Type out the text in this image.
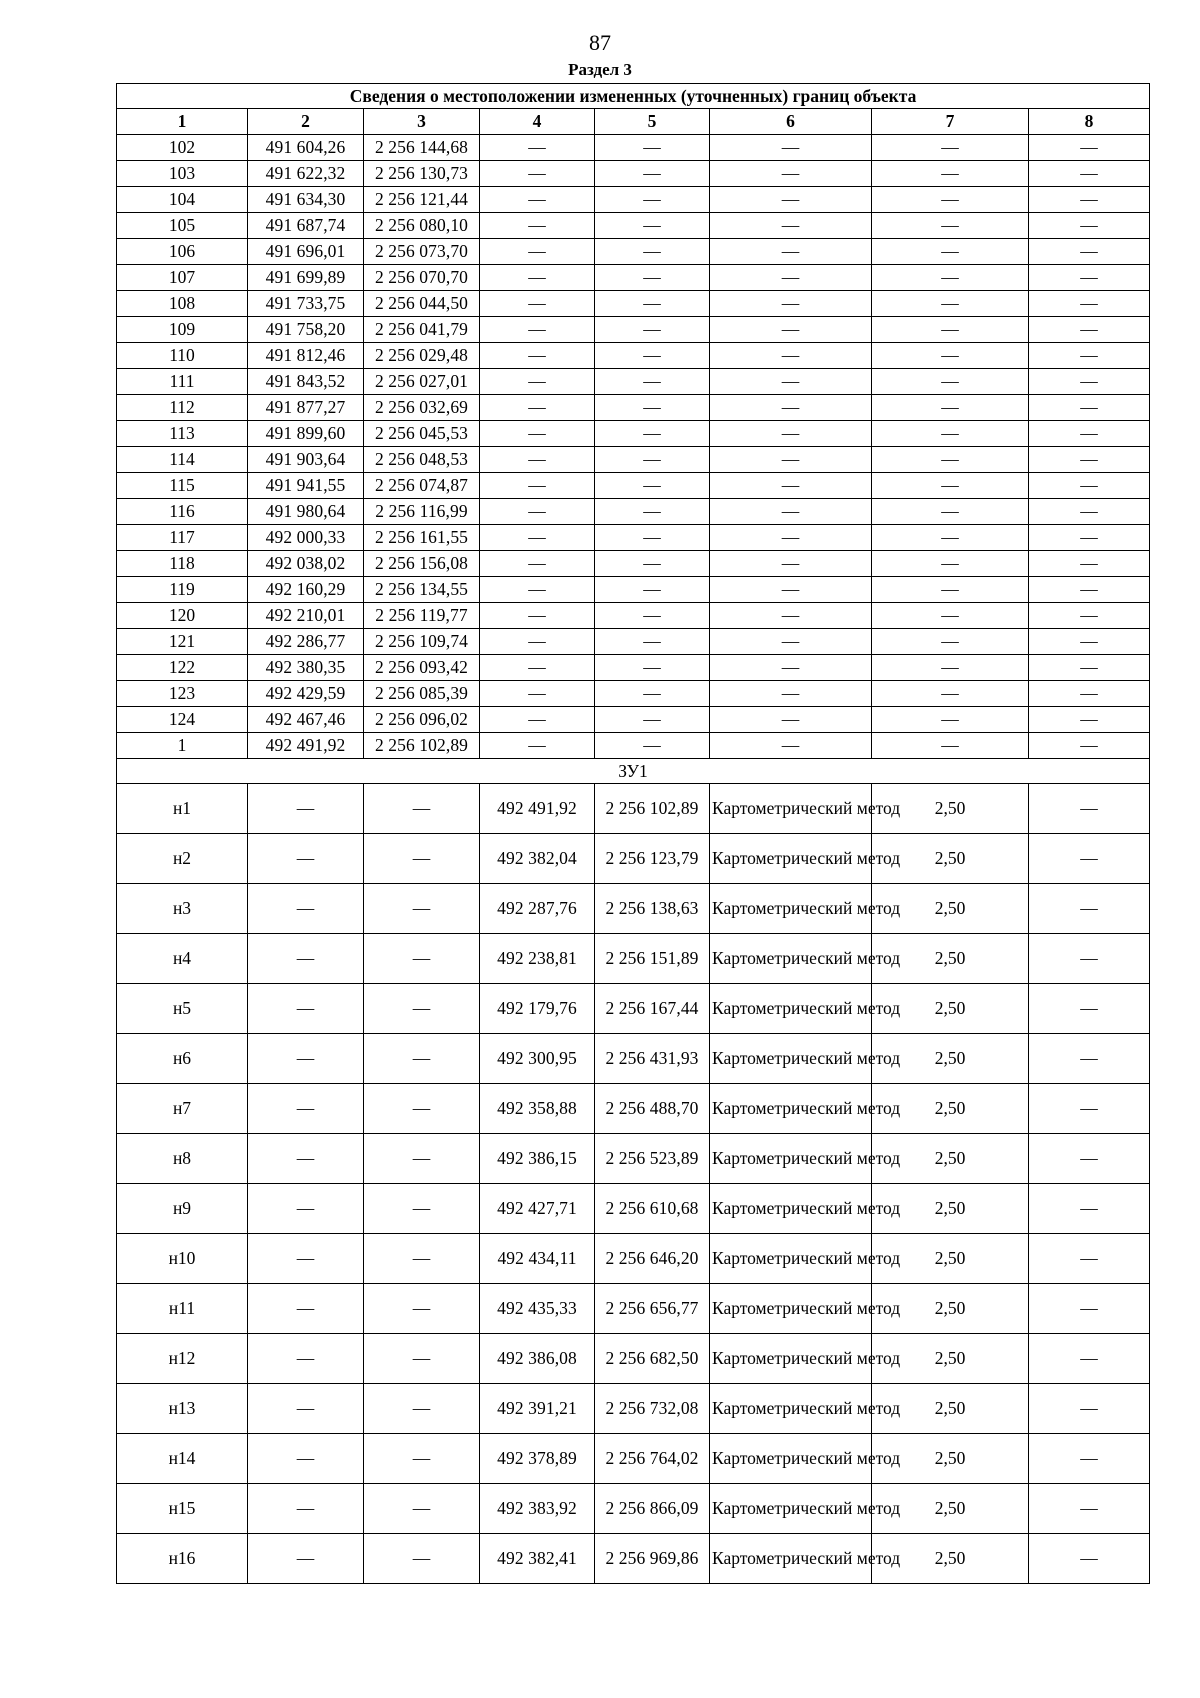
87
Раздел 3
Сведения о местоположении измененных (уточненных) границ объекта							
1	2	3	4	5	6	7	8
102	491 604,26	2 256 144,68	—	—	—	—	—
103	491 622,32	2 256 130,73	—	—	—	—	—
104	491 634,30	2 256 121,44	—	—	—	—	—
105	491 687,74	2 256 080,10	—	—	—	—	—
106	491 696,01	2 256 073,70	—	—	—	—	—
107	491 699,89	2 256 070,70	—	—	—	—	—
108	491 733,75	2 256 044,50	—	—	—	—	—
109	491 758,20	2 256 041,79	—	—	—	—	—
110	491 812,46	2 256 029,48	—	—	—	—	—
111	491 843,52	2 256 027,01	—	—	—	—	—
112	491 877,27	2 256 032,69	—	—	—	—	—
113	491 899,60	2 256 045,53	—	—	—	—	—
114	491 903,64	2 256 048,53	—	—	—	—	—
115	491 941,55	2 256 074,87	—	—	—	—	—
116	491 980,64	2 256 116,99	—	—	—	—	—
117	492 000,33	2 256 161,55	—	—	—	—	—
118	492 038,02	2 256 156,08	—	—	—	—	—
119	492 160,29	2 256 134,55	—	—	—	—	—
120	492 210,01	2 256 119,77	—	—	—	—	—
121	492 286,77	2 256 109,74	—	—	—	—	—
122	492 380,35	2 256 093,42	—	—	—	—	—
123	492 429,59	2 256 085,39	—	—	—	—	—
124	492 467,46	2 256 096,02	—	—	—	—	—
1	492 491,92	2 256 102,89	—	—	—	—	—
ЗУ1							
н1	—	—	492 491,92	2 256 102,89	Картометрический метод	2,50	—
н2	—	—	492 382,04	2 256 123,79	Картометрический метод	2,50	—
н3	—	—	492 287,76	2 256 138,63	Картометрический метод	2,50	—
н4	—	—	492 238,81	2 256 151,89	Картометрический метод	2,50	—
н5	—	—	492 179,76	2 256 167,44	Картометрический метод	2,50	—
н6	—	—	492 300,95	2 256 431,93	Картометрический метод	2,50	—
н7	—	—	492 358,88	2 256 488,70	Картометрический метод	2,50	—
н8	—	—	492 386,15	2 256 523,89	Картометрический метод	2,50	—
н9	—	—	492 427,71	2 256 610,68	Картометрический метод	2,50	—
н10	—	—	492 434,11	2 256 646,20	Картометрический метод	2,50	—
н11	—	—	492 435,33	2 256 656,77	Картометрический метод	2,50	—
н12	—	—	492 386,08	2 256 682,50	Картометрический метод	2,50	—
н13	—	—	492 391,21	2 256 732,08	Картометрический метод	2,50	—
н14	—	—	492 378,89	2 256 764,02	Картометрический метод	2,50	—
н15	—	—	492 383,92	2 256 866,09	Картометрический метод	2,50	—
н16	—	—	492 382,41	2 256 969,86	Картометрический метод	2,50	—
